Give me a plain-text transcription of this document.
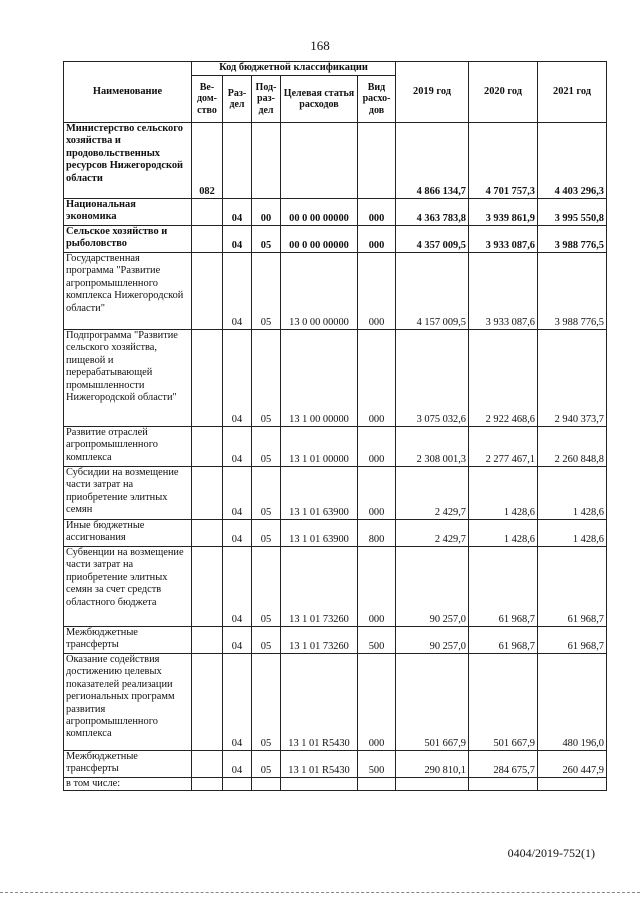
168
Наименование	Код бюджетной классификации					2019 год	2020 год	2021 год
	Ве-дом-ство	Раз-дел	Под-раз-дел	Целевая статья расходов	Вид расхо-дов			
Министерство сельского хозяйства и продовольственных ресурсов Нижегородской области	082					4 866 134,7	4 701 757,3	4 403 296,3
Национальная экономика		04	00	00 0 00 00000	000	4 363 783,8	3 939 861,9	3 995 550,8
Сельское хозяйство и рыболовство		04	05	00 0 00 00000	000	4 357 009,5	3 933 087,6	3 988 776,5
Государственная программа "Развитие агропромышленного комплекса Нижегородской области"		04	05	13 0 00 00000	000	4 157 009,5	3 933 087,6	3 988 776,5
Подпрограмма "Развитие сельского хозяйства, пищевой и перерабатывающей промышленности Нижегородской области"		04	05	13 1 00 00000	000	3 075 032,6	2 922 468,6	2 940 373,7
Развитие отраслей агропромышленного комплекса		04	05	13 1 01 00000	000	2 308 001,3	2 277 467,1	2 260 848,8
Субсидии на возмещение части затрат на приобретение элитных семян		04	05	13 1 01 63900	000	2 429,7	1 428,6	1 428,6
Иные бюджетные ассигнования		04	05	13 1 01 63900	800	2 429,7	1 428,6	1 428,6
Субвенции на возмещение части затрат на приобретение элитных семян за счет средств областного бюджета		04	05	13 1 01 73260	000	90 257,0	61 968,7	61 968,7
Межбюджетные трансферты		04	05	13 1 01 73260	500	90 257,0	61 968,7	61 968,7
Оказание содействия достижению целевых показателей реализации региональных программ развития агропромышленного комплекса		04	05	13 1 01 R5430	000	501 667,9	501 667,9	480 196,0
Межбюджетные трансферты		04	05	13 1 01 R5430	500	290 810,1	284 675,7	260 447,9
в том числе:								
0404/2019-752(1)
